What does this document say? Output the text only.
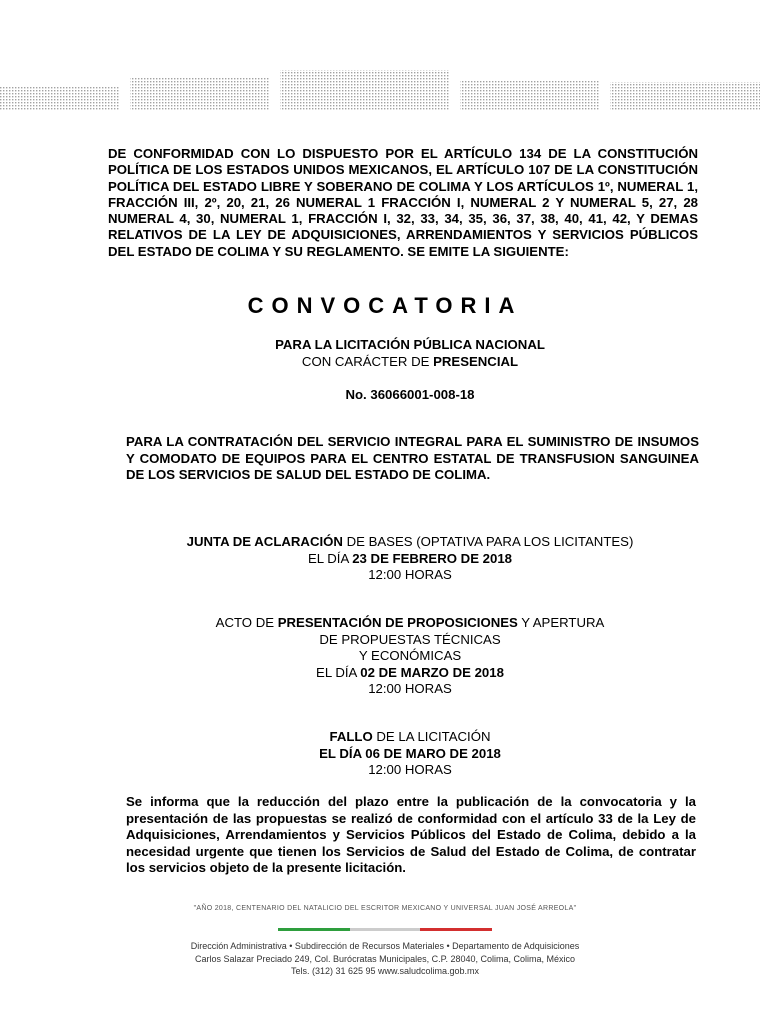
DE CONFORMIDAD CON LO DISPUESTO POR EL ARTÍCULO 134 DE LA CONSTITUCIÓN POLÍTICA DE LOS ESTADOS UNIDOS MEXICANOS, EL ARTÍCULO 107 DE LA CONSTITUCIÓN POLÍTICA DEL ESTADO LIBRE Y SOBERANO DE COLIMA Y LOS ARTÍCULOS 1º, NUMERAL 1, FRACCIÓN III, 2º, 20, 21, 26 NUMERAL 1 FRACCIÓN I, NUMERAL 2 Y NUMERAL 5, 27, 28 NUMERAL 4, 30, NUMERAL 1, FRACCIÓN I, 32, 33, 34, 35, 36, 37, 38, 40, 41, 42, Y DEMAS RELATIVOS DE LA LEY DE ADQUISICIONES, ARRENDAMIENTOS Y SERVICIOS PÚBLICOS DEL ESTADO DE COLIMA Y SU REGLAMENTO. SE EMITE LA SIGUIENTE:
CONVOCATORIA
PARA LA LICITACIÓN PÚBLICA NACIONAL
CON CARÁCTER DE PRESENCIAL
No. 36066001-008-18
PARA LA CONTRATACIÓN DEL SERVICIO INTEGRAL PARA EL SUMINISTRO DE INSUMOS Y COMODATO DE EQUIPOS PARA EL CENTRO ESTATAL DE TRANSFUSION SANGUINEA DE LOS SERVICIOS DE SALUD DEL ESTADO DE COLIMA.
JUNTA DE ACLARACIÓN DE BASES (OPTATIVA PARA LOS LICITANTES)
EL DÍA 23 DE FEBRERO DE 2018
12:00 HORAS
ACTO DE PRESENTACIÓN DE PROPOSICIONES Y APERTURA
DE PROPUESTAS TÉCNICAS
Y ECONÓMICAS
EL DÍA 02 DE MARZO DE 2018
12:00 HORAS
FALLO DE LA LICITACIÓN
EL DÍA 06 DE MARO DE 2018
12:00 HORAS
Se informa que la reducción del plazo entre la publicación de la convocatoria y la presentación de las propuestas se realizó de conformidad con el artículo 33 de la Ley de Adquisiciones, Arrendamientos y Servicios Públicos del Estado de Colima, debido a la necesidad urgente que tienen los Servicios de Salud del Estado de Colima, de contratar los servicios objeto de la presente licitación.
"AÑO 2018, CENTENARIO DEL NATALICIO DEL ESCRITOR MEXICANO Y UNIVERSAL JUAN JOSÉ ARREOLA"
Dirección Administrativa • Subdirección de Recursos Materiales • Departamento de Adquisiciones
Carlos Salazar Preciado 249, Col. Burócratas Municipales, C.P. 28040, Colima, Colima, México
Tels. (312) 31 625 95 www.saludcolima.gob.mx
